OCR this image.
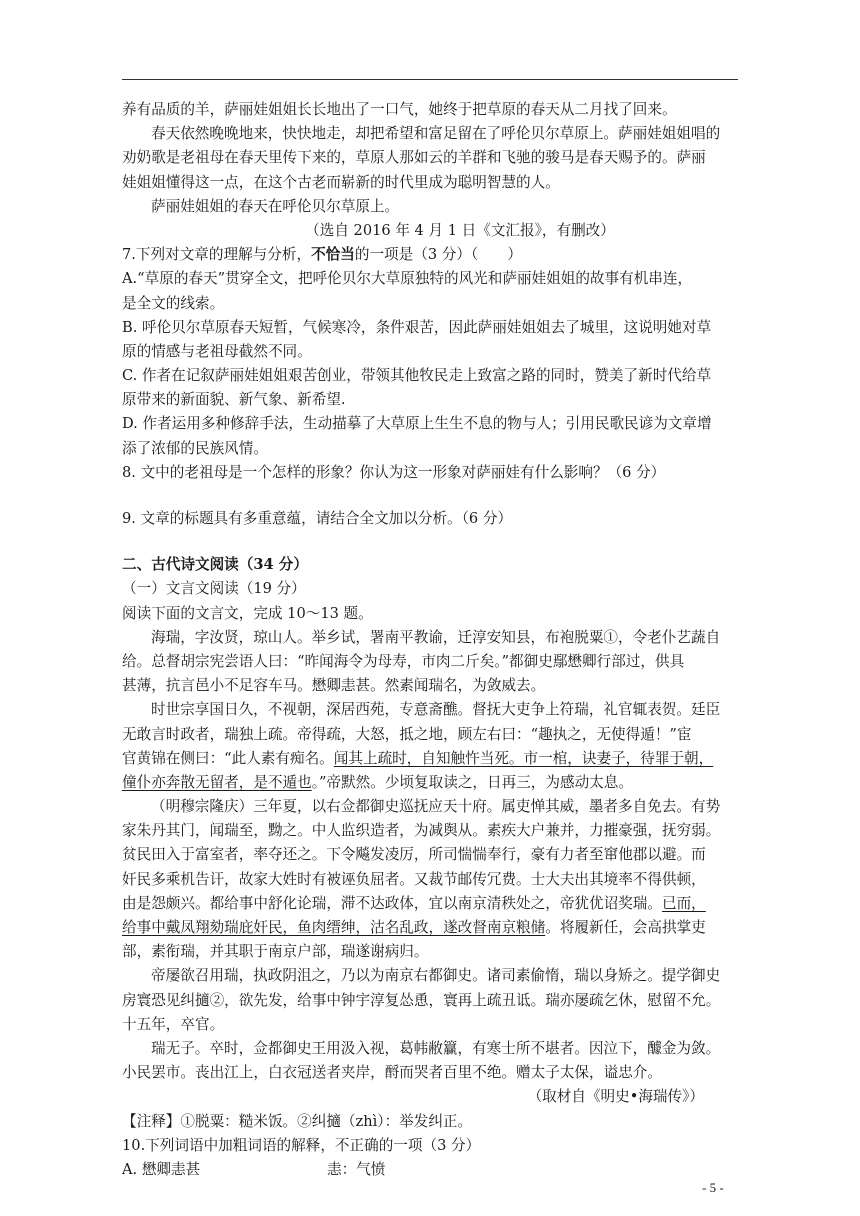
养有品质的羊，萨丽娃姐姐长长地出了一口气，她终于把草原的春天从二月找了回来。
春天依然晚晚地来，快快地走，却把希望和富足留在了呼伦贝尔草原上。萨丽娃姐姐唱的
劝奶歌是老祖母在春天里传下来的，草原人那如云的羊群和飞驰的骏马是春天赐予的。萨丽
娃姐姐懂得这一点，在这个古老而崭新的时代里成为聪明智慧的人。
萨丽娃姐姐的春天在呼伦贝尔草原上。
（选自 2016 年 4 月 1 日《文汇报》，有删改）
7.下列对文章的理解与分析，不恰当的一项是（3 分）（　　）
A.“草原的春天”贯穿全文，把呼伦贝尔大草原独特的风光和萨丽娃姐姐的故事有机串连，
是全文的线索。
B. 呼伦贝尔草原春天短暂，气候寒冷，条件艰苦，因此萨丽娃姐姐去了城里，这说明她对草
原的情感与老祖母截然不同。
C. 作者在记叙萨丽娃姐姐艰苦创业，带领其他牧民走上致富之路的同时，赞美了新时代给草
原带来的新面貌、新气象、新希望.
D. 作者运用多种修辞手法，生动描摹了大草原上生生不息的物与人；引用民歌民谚为文章增
添了浓郁的民族风情。
8. 文中的老祖母是一个怎样的形象？你认为这一形象对萨丽娃有什么影响？（6 分）
9. 文章的标题具有多重意蕴，请结合全文加以分析。（6 分）
二、古代诗文阅读（34 分）
（一）文言文阅读（19 分）
阅读下面的文言文，完成 10～13 题。
海瑞，字汝贤，琼山人。举乡试，署南平教谕，迁淳安知县，布袍脱粟①，令老仆艺蔬自
给。总督胡宗宪尝语人曰：“昨闻海令为母寿，市肉二斤矣。”都御史鄢懋卿行部过，供具
甚薄，抗言邑小不足容车马。懋卿恚甚。然素闻瑞名，为敛威去。
时世宗享国日久，不视朝，深居西苑，专意斋醮。督抚大吏争上符瑞，礼官辄表贺。廷臣
无敢言时政者，瑞独上疏。帝得疏，大怒，抵之地，顾左右曰：“趣执之，无使得遁！”宦
官黄锦在侧曰：“此人素有痴名。闻其上疏时，自知触忤当死。市一棺，诀妻子，待罪于朝，
僮仆亦奔散无留者，是不遁也。”帝默然。少顷复取读之，日再三，为感动太息。
（明穆宗隆庆）三年夏，以右佥都御史巡抚应天十府。属吏惮其威，墨者多自免去。有势
家朱丹其门，闻瑞至，黝之。中人监织造者，为减舆从。素疾大户兼并，力摧豪强，抚穷弱。
贫民田入于富室者，率夺还之。下令飚发凌厉，所司惴惴奉行，豪有力者至窜他郡以避。而
奸民多乘机告讦，故家大姓时有被诬负屈者。又裁节邮传冗费。士大夫出其境率不得供顿，
由是怨颇兴。都给事中舒化论瑞，滞不达政体，宜以南京清秩处之，帝犹优诏奖瑞。已而，
给事中戴凤翔劾瑞庇奸民，鱼肉缙绅，沽名乱政，遂改督南京粮储。将履新任，会高拱掌吏
部，素衔瑞，并其职于南京户部，瑞遂谢病归。
帝屡欲召用瑞，执政阴沮之，乃以为南京右都御史。诸司素偷惰，瑞以身矫之。提学御史
房寰恐见纠擿②，欲先发，给事中钟宇淳复怂恿，寰再上疏丑诋。瑞亦屡疏乞休，慰留不允。
十五年，卒官。
瑞无子。卒时，佥都御史王用汲入视，葛帏敝籯，有寒士所不堪者。因泣下，醵金为敛。
小民罢市。丧出江上，白衣冠送者夹岸，酹而哭者百里不绝。赠太子太保，谥忠介。
（取材自《明史•海瑞传》）
【注释】①脱粟：糙米饭。②纠擿（zhì）：举发纠正。
10.下列词语中加粗词语的解释，不正确的一项（3 分）
A. 懋卿恚甚	恚：气愤
- 5 -
